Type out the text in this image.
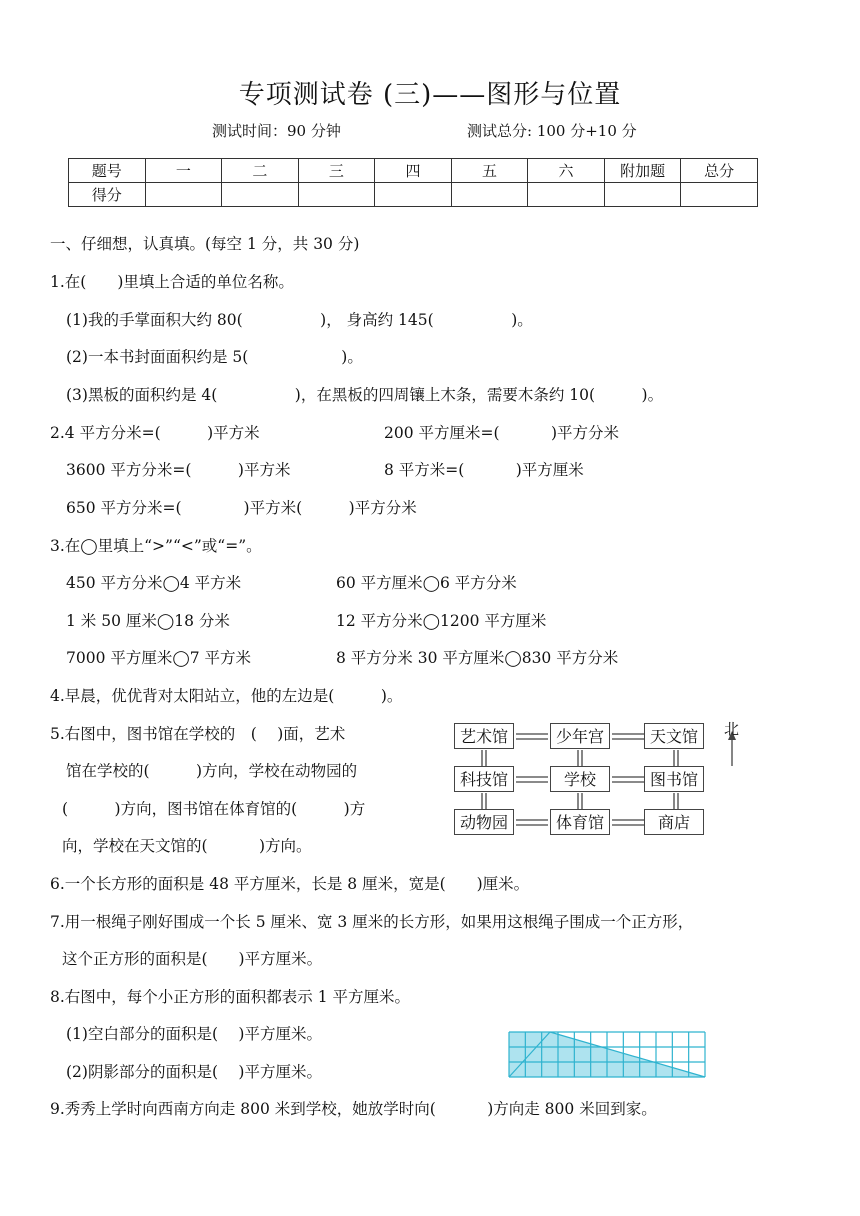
专项测试卷 (三)——图形与位置
测试时间：90 分钟	测试总分: 100 分+10 分
题号	一	二	三	四	五	六	附加题	总分
得分								
一、仔细想，认真填。(每空 1 分，共 30 分)
1.在(　　)里填上合适的单位名称。
(1)我的手掌面积大约 80(　　　　　)， 身高约 145(　　　　　)。
(2)一本书封面面积约是 5(　　　　　　)。
(3)黑板的面积约是 4(　　　　　)，在黑板的四周镶上木条，需要木条约 10(　　　)。
2.4 平方分米=(　　　)平方米	200 平方厘米=(　　　 )平方分米
3600 平方分米=(　　　)平方米	8 平方米=(　　　 )平方厘米
650 平方分米=(　　　　)平方米(　　　)平方分米
3.在◯里填上“>”“<”或“=”。
450 平方分米◯4 平方米	60 平方厘米◯6 平方分米
1 米 50 厘米◯18 分米	12 平方分米◯1200 平方厘米
7000 平方厘米◯7 平方米	8 平方分米 30 平方厘米◯830 平方分米
4.早晨，优优背对太阳站立，他的左边是(　　　)。
5.右图中，图书馆在学校的　(　 )面，艺术
馆在学校的(　　　)方向，学校在动物园的
(　　　)方向，图书馆在体育馆的(　　　)方
向，学校在天文馆的(　　　 )方向。
艺术馆	少年宫	天文馆
科技馆	学校	图书馆
动物园	体育馆	商店
北
6.一个长方形的面积是 48 平方厘米，长是 8 厘米，宽是(　　)厘米。
7.用一根绳子刚好围成一个长 5 厘米、宽 3 厘米的长方形，如果用这根绳子围成一个正方形，
这个正方形的面积是(　　)平方厘米。
8.右图中，每个小正方形的面积都表示 1 平方厘米。
(1)空白部分的面积是(　 )平方厘米。
(2)阴影部分的面积是(　 )平方厘米。
9.秀秀上学时向西南方向走 800 米到学校，她放学时向(　　　 )方向走 800 米回到家。
